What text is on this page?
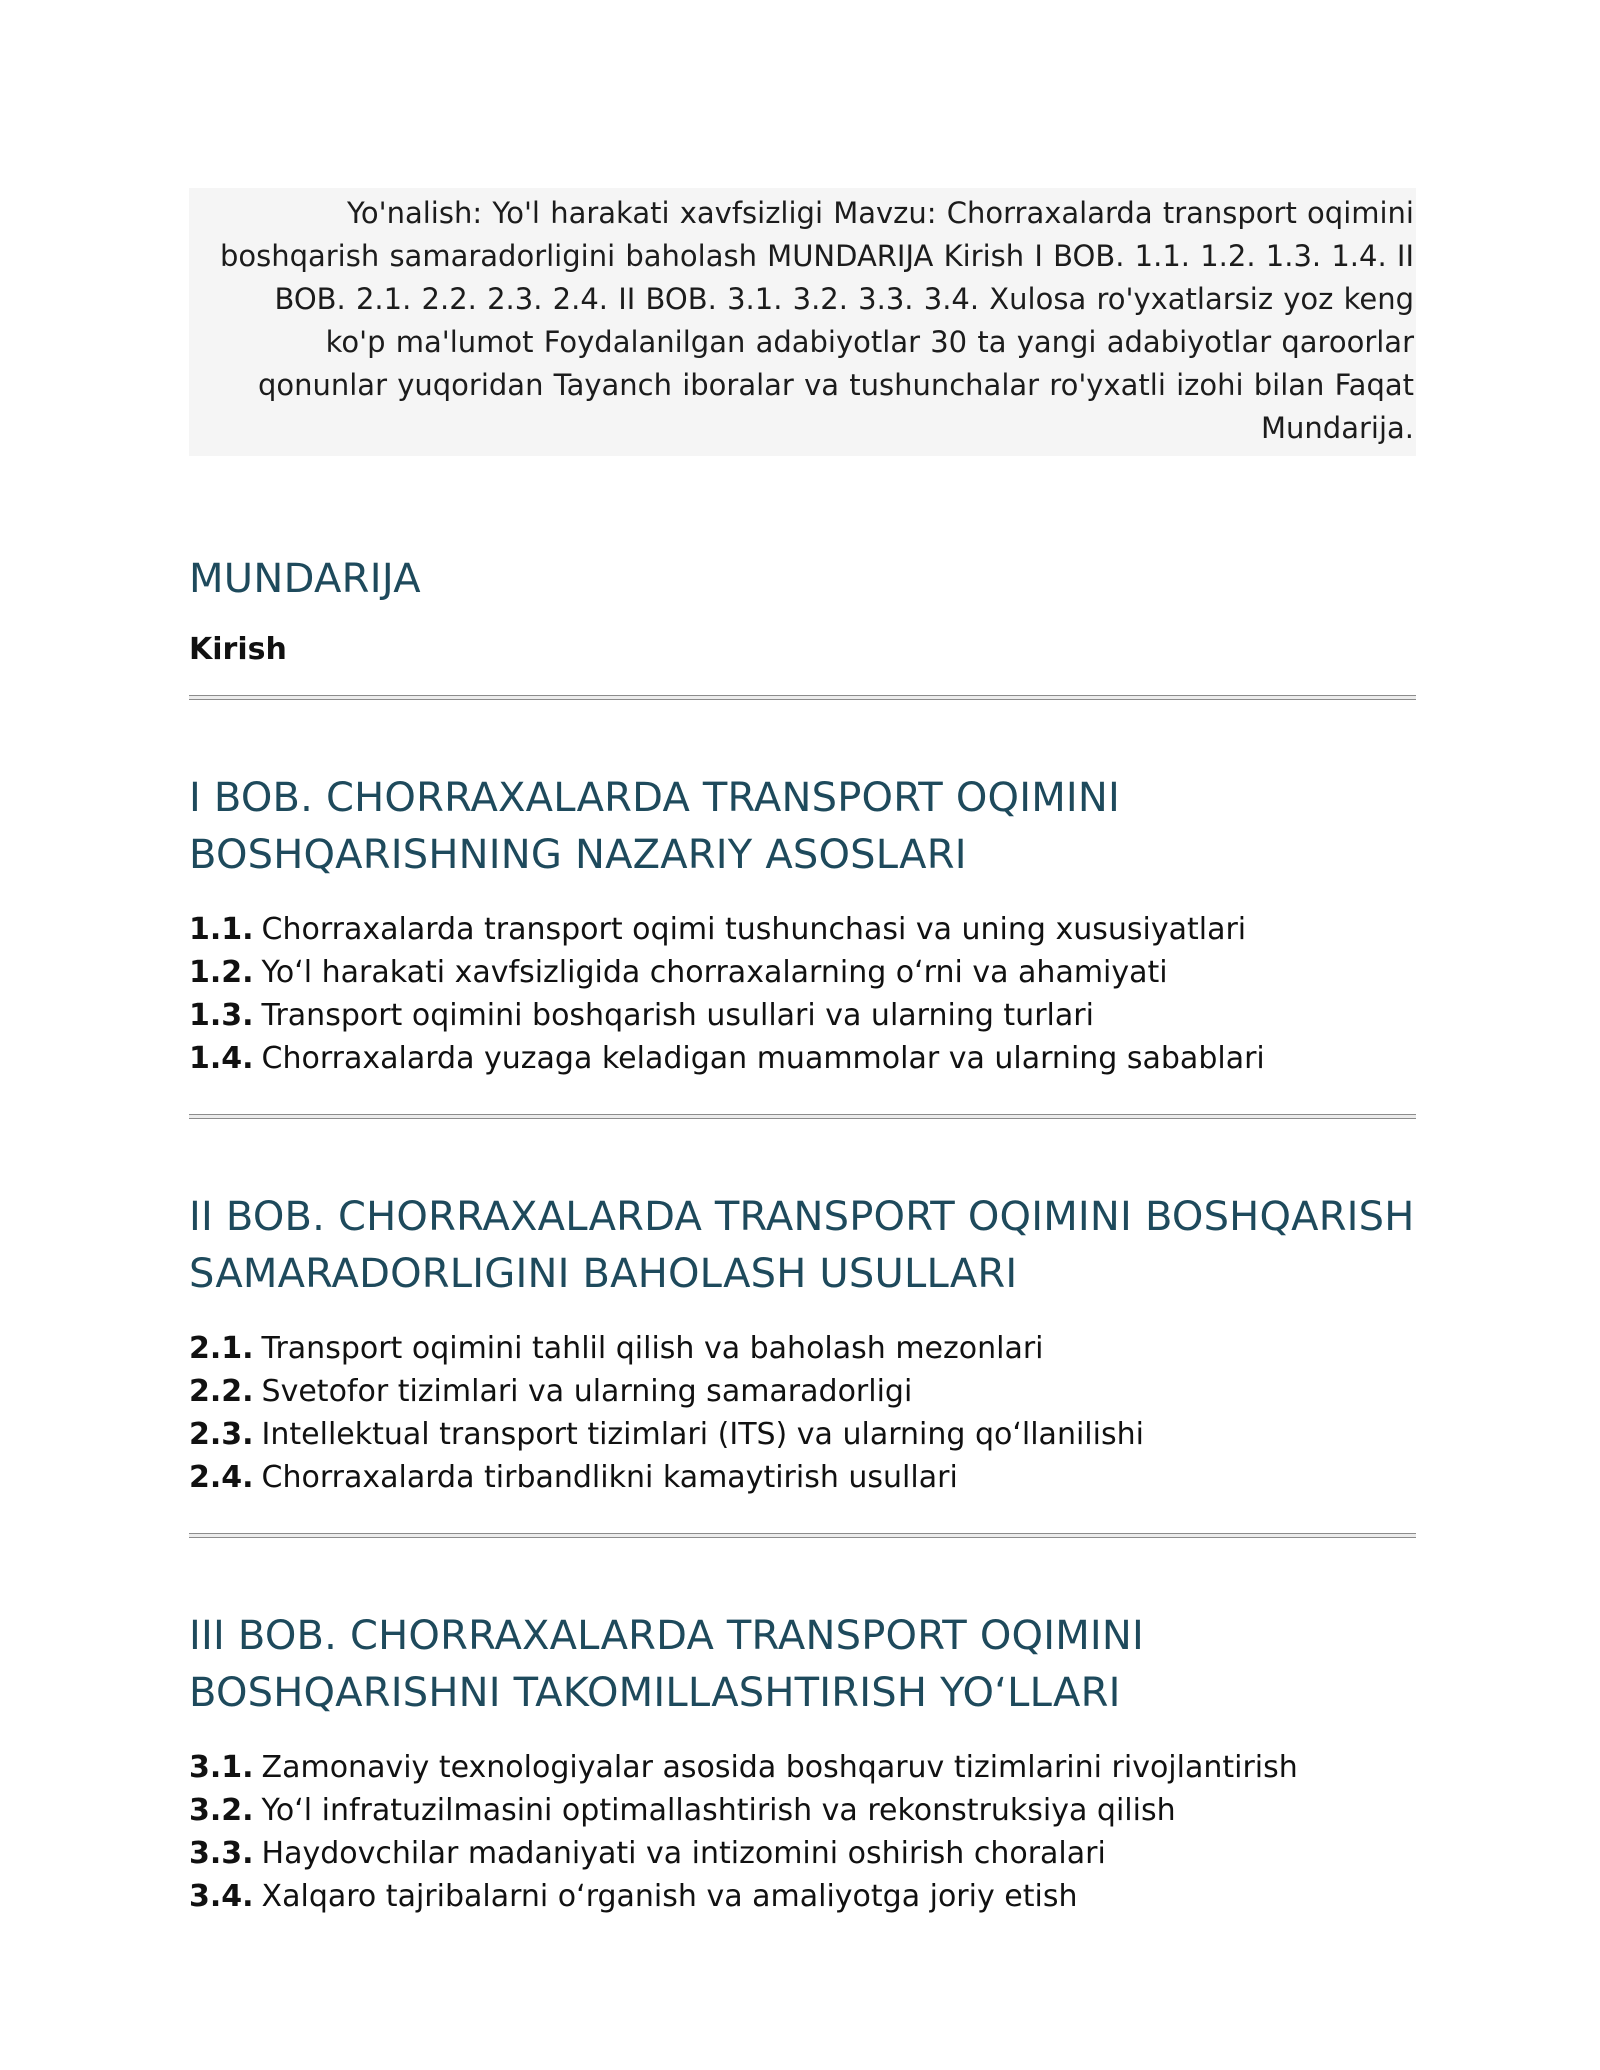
Yo'nalish: Yo'l harakati xavfsizligi Mavzu: Chorraxalarda transport oqimini boshqarish samaradorligini baholash MUNDARIJA Kirish I BOB. 1.1. 1.2. 1.3. 1.4. II BOB. 2.1. 2.2. 2.3. 2.4. II BOB. 3.1. 3.2. 3.3. 3.4. Xulosa ro'yxatlarsiz yoz keng ko'p ma'lumot Foydalanilgan adabiyotlar 30 ta yangi adabiyotlar qaroorlar qonunlar yuqoridan Tayanch iboralar va tushunchalar ro'yxatli izohi bilan Faqat Mundarija.
MUNDARIJA
Kirish
I BOB. CHORRAXALARDA TRANSPORT OQIMINI BOSHQARISHNING NAZARIY ASOSLARI
1.1. Chorraxalarda transport oqimi tushunchasi va uning xususiyatlari
1.2. Yo‘l harakati xavfsizligida chorraxalarning o‘rni va ahamiyati
1.3. Transport oqimini boshqarish usullari va ularning turlari
1.4. Chorraxalarda yuzaga keladigan muammolar va ularning sabablari
II BOB. CHORRAXALARDA TRANSPORT OQIMINI BOSHQARISH SAMARADORLIGINI BAHOLASH USULLARI
2.1. Transport oqimini tahlil qilish va baholash mezonlari
2.2. Svetofor tizimlari va ularning samaradorligi
2.3. Intellektual transport tizimlari (ITS) va ularning qo‘llanilishi
2.4. Chorraxalarda tirbandlikni kamaytirish usullari
III BOB. CHORRAXALARDA TRANSPORT OQIMINI BOSHQARISHNI TAKOMILLASHTIRISH YO‘LLARI
3.1. Zamonaviy texnologiyalar asosida boshqaruv tizimlarini rivojlantirish
3.2. Yo‘l infratuzilmasini optimallashtirish va rekonstruksiya qilish
3.3. Haydovchilar madaniyati va intizomini oshirish choralari
3.4. Xalqaro tajribalarni o‘rganish va amaliyotga joriy etish
